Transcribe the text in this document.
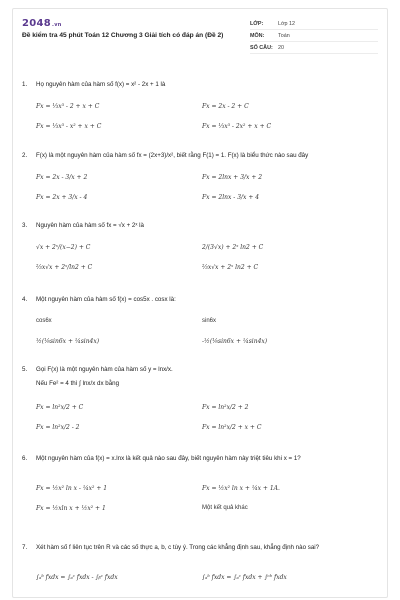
2048.vn
Đề kiểm tra 45 phút Toán 12 Chương 3 Giải tích có đáp án (Đề 2)
LỚP:	Lớp 12
MÔN:	Toán
SỐ CÂU: 20
1.	Họ nguyên hàm của hàm số f(x) = x² - 2x + 1 là
Fx = ⅓x³ - 2 + x + C	Fx = 2x - 2 + C
Fx = ⅓x³ - x² + x + C	Fx = ⅓x³ - 2x² + x + C
2.	F(x) là một nguyên hàm của hàm số fx = (2x+3)/x², biết rằng F(1) = 1. F(x) là biểu thức nào sau đây
Fx = 2x - 3/x + 2	Fx = 2lnx + 3/x + 2
Fx = 2x + 3/x - 4	Fx = 2lnx - 3/x + 4
3.	Nguyên hàm của hàm số fx = √x + 2ˣ là
√x + 2ˣ/(x−2) + C	2/(3√x) + 2ˣ ln2 + C
⅔x√x + 2ˣ/ln2 + C	⅔x√x + 2ˣ ln2 + C
4.	Một nguyên hàm của hàm số f(x) = cos5x . cosx là:
cos6x	sin6x
½(⅙sin6x + ¼sin4x)	-½(⅙sin6x + ¼sin4x)
5.	Gọi F(x) là một nguyên hàm của hàm số y = lnx/x.
Nếu Fe² = 4 thì ∫ lnx/x dx bằng
Fx = ln²x/2 + C	Fx = ln²x/2 + 2
Fx = ln²x/2 - 2	Fx = ln²x/2 + x + C
6.	Một nguyên hàm của f(x) = x.lnx là kết quả nào sau đây, biết nguyên hàm này triệt tiêu khi x = 1?
Fx = ½x² ln x - ¼x² + 1	Fx = ½x² ln x + ¼x + 1A.
Fx = ½xln x + ½x² + 1	Một kết quả khác
7.	Xét hàm số f liên tục trên R và các số thực a, b, c tùy ý. Trong các khẳng định sau, khẳng định nào sai?
∫ₐᵇ fxdx = ∫ₐᶜ fxdx - ∫ᵦᶜ fxdx	∫ₐᵇ fxdx = ∫ₐᶜ fxdx + ∫ᶜᵇ fxdx
